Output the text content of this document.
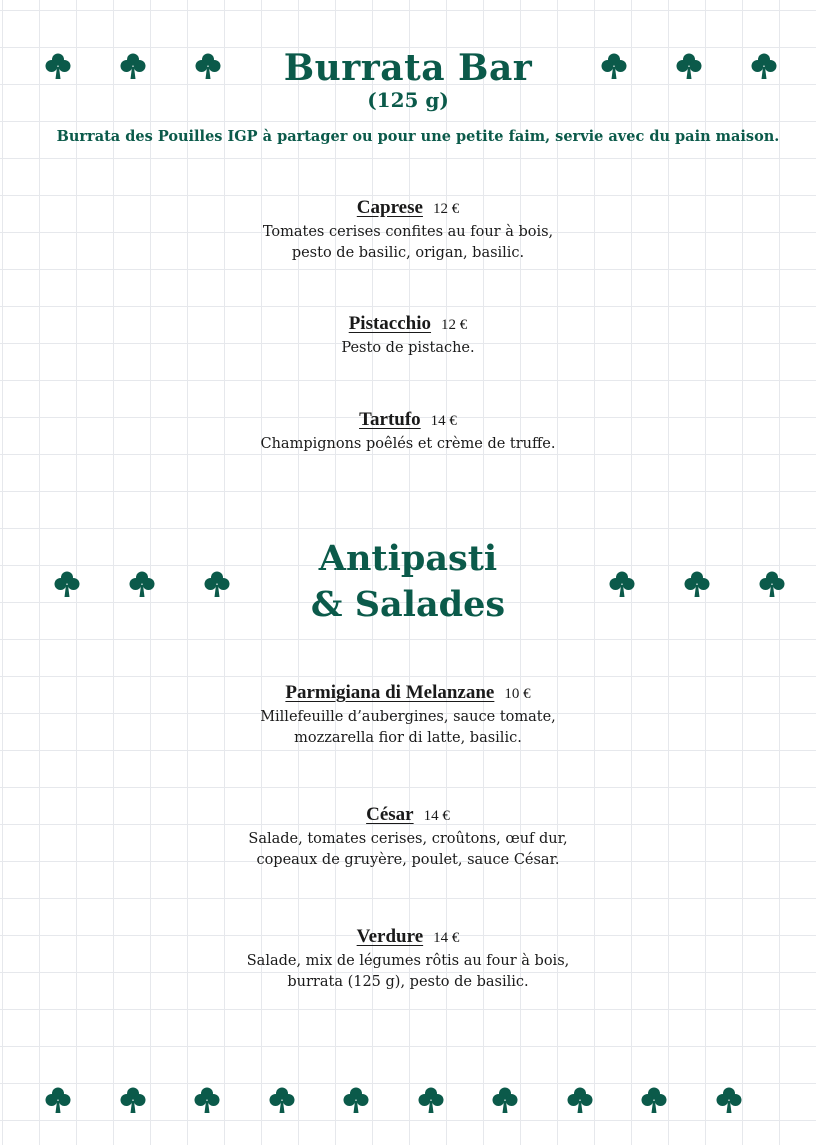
Burrata Bar

(125 g)

Burrata des Pouilles IGP à partager ou pour une petite faim, servie avec du pain maison.
Caprese 12 €
Tomates cerises confites au four à bois,
pesto de basilic, origan, basilic.
Pistacchio 12 €
Pesto de pistache.
Tartufo 14 €
Champignons poêlés et crème de truffe.
Antipasti
& Salades
Parmigiana di Melanzane 10 €
Millefeuille d’aubergines, sauce tomate,
mozzarella fior di latte, basilic.
César 14 €
Salade, tomates cerises, croûtons, œuf dur,
copeaux de gruyère, poulet, sauce César.
Verdure 14 €
Salade, mix de légumes rôtis au four à bois,
burrata (125 g), pesto de basilic.
